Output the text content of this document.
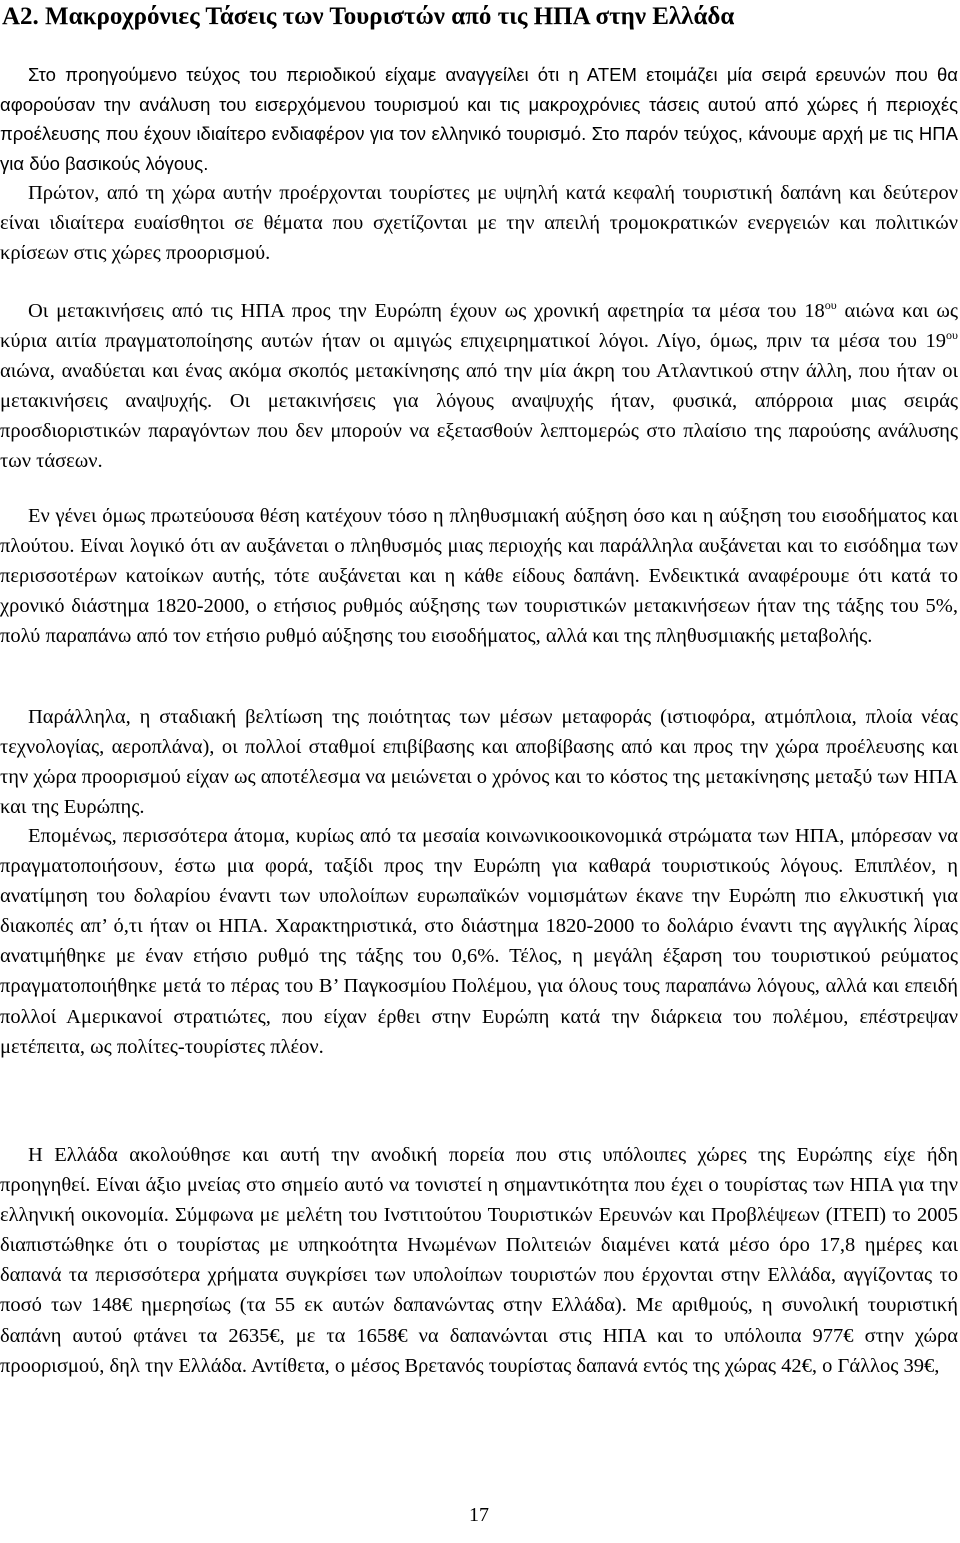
Α2. Μακροχρόνιες Τάσεις των Τουριστών από τις ΗΠΑ στην Ελλάδα

Στο προηγούμενο τεύχος του περιοδικού είχαμε αναγγείλει ότι η ΑΤΕΜ ετοιμάζει μία σειρά ερευνών που θα αφορούσαν την ανάλυση του εισερχόμενου τουρισμού και τις μακροχρόνιες τάσεις αυτού από χώρες ή περιοχές προέλευσης που έχουν ιδιαίτερο ενδιαφέρον για τον ελληνικό τουρισμό. Στο παρόν τεύχος, κάνουμε αρχή με τις ΗΠΑ για δύο βασικούς λόγους.

Πρώτον, από τη χώρα αυτήν προέρχονται τουρίστες με υψηλή κατά κεφαλή τουριστική δαπάνη και δεύτερον είναι ιδιαίτερα ευαίσθητοι σε θέματα που σχετίζονται με την απειλή τρομοκρατικών ενεργειών και πολιτικών κρίσεων στις χώρες προορισμού.

Οι μετακινήσεις από τις ΗΠΑ προς την Ευρώπη έχουν ως χρονική αφετηρία τα μέσα του $18^{o\upsilon}$ αιώνα και ως κύρια αιτία πραγματοποίησης αυτών ήταν οι αμιγώς επιχειρηματικοί λόγοι. Λίγο, όμως, πριν τα μέσα του $19^{o\upsilon}$ αιώνα, αναδύεται και ένας ακόμα σκοπός μετακίνησης από την μία άκρη του Ατλαντικού στην άλλη, που ήταν οι μετακινήσεις αναψυχής. Οι μετακινήσεις για λόγους αναψυχής ήταν, φυσικά, απόρροια μιας σειράς προσδιοριστικών παραγόντων που δεν μπορούν να εξετασθούν λεπτομερώς στο πλαίσιο της παρούσης ανάλυσης των τάσεων.

Εν γένει όμως πρωτεύουσα θέση κατέχουν τόσο η πληθυσμιακή αύξηση όσο και η αύξηση του εισοδήματος και πλούτου. Είναι λογικό ότι αν αυξάνεται ο πληθυσμός μιας περιοχής και παράλληλα αυξάνεται και το εισόδημα των περισσοτέρων κατοίκων αυτής, τότε αυξάνεται και η κάθε είδους δαπάνη. Ενδεικτικά αναφέρουμε ότι κατά το χρονικό διάστημα 1820-2000, ο ετήσιος ρυθμός αύξησης των τουριστικών μετακινήσεων ήταν της τάξης του 5%, πολύ παραπάνω από τον ετήσιο ρυθμό αύξησης του εισοδήματος, αλλά και της πληθυσμιακής μεταβολής.

Παράλληλα, η σταδιακή βελτίωση της ποιότητας των μέσων μεταφοράς (ιστιοφόρα, ατμόπλοια, πλοία νέας τεχνολογίας, αεροπλάνα), οι πολλοί σταθμοί επιβίβασης και αποβίβασης από και προς την χώρα προέλευσης και την χώρα προορισμού είχαν ως αποτέλεσμα να μειώνεται ο χρόνος και το κόστος της μετακίνησης μεταξύ των ΗΠΑ και της Ευρώπης.

Επομένως, περισσότερα άτομα, κυρίως από τα μεσαία κοινωνικοοικονομικά στρώματα των ΗΠΑ, μπόρεσαν να πραγματοποιήσουν, έστω μια φορά, ταξίδι προς την Ευρώπη για καθαρά τουριστικούς λόγους. Επιπλέον, η ανατίμηση του δολαρίου έναντι των υπολοίπων ευρωπαϊκών νομισμάτων έκανε την Ευρώπη πιο ελκυστική για διακοπές απ’ ό,τι ήταν οι ΗΠΑ. Χαρακτηριστικά, στο διάστημα 1820-2000 το δολάριο έναντι της αγγλικής λίρας ανατιμήθηκε με έναν ετήσιο ρυθμό της τάξης του 0,6%. Τέλος, η μεγάλη έξαρση του τουριστικού ρεύματος πραγματοποιήθηκε μετά το πέρας του Β’ Παγκοσμίου Πολέμου, για όλους τους παραπάνω λόγους, αλλά και επειδή πολλοί Αμερικανοί στρατιώτες, που είχαν έρθει στην Ευρώπη κατά την διάρκεια του πολέμου, επέστρεψαν μετέπειτα, ως πολίτες-τουρίστες πλέον.

Η Ελλάδα ακολούθησε και αυτή την ανοδική πορεία που στις υπόλοιπες χώρες της Ευρώπης είχε ήδη προηγηθεί. Είναι άξιο μνείας στο σημείο αυτό να τονιστεί η σημαντικότητα που έχει ο τουρίστας των ΗΠΑ για την ελληνική οικονομία. Σύμφωνα με μελέτη του Ινστιτούτου Τουριστικών Ερευνών και Προβλέψεων (ΙΤΕΠ) το 2005 διαπιστώθηκε ότι ο τουρίστας με υπηκοότητα Ηνωμένων Πολιτειών διαμένει κατά μέσο όρο 17,8 ημέρες και δαπανά τα περισσότερα χρήματα συγκρίσει των υπολοίπων τουριστών που έρχονται στην Ελλάδα, αγγίζοντας το ποσό των 148€ ημερησίως (τα 55 εκ αυτών δαπανώντας στην Ελλάδα). Με αριθμούς, η συνολική τουριστική δαπάνη αυτού φτάνει τα 2635€, με τα 1658€ να δαπανώνται στις ΗΠΑ και το υπόλοιπα 977€ στην χώρα προορισμού, δηλ την Ελλάδα. Αντίθετα, ο μέσος Βρετανός τουρίστας δαπανά εντός της χώρας 42€, ο Γάλλος 39€,

17
